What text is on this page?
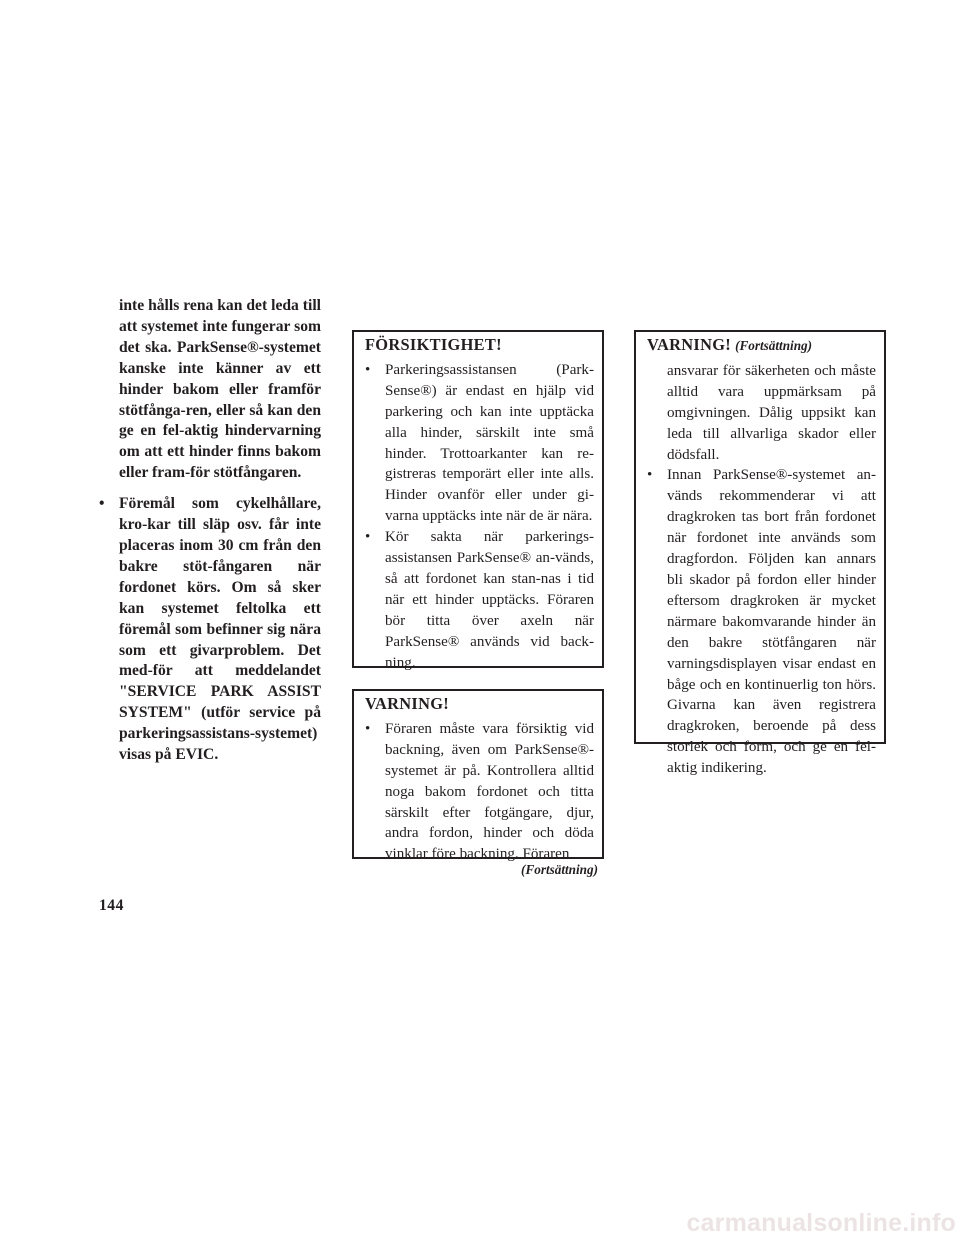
inte hålls rena kan det leda till att systemet inte fungerar som det ska. ParkSense®-systemet kanske inte känner av ett hinder bakom eller framför stötfånga-ren, eller så kan den ge en fel-aktig hindervarning om att ett hinder finns bakom eller fram-för stötfångaren.

• Föremål som cykelhållare, kro-kar till släp osv. får inte placeras inom 30 cm från den bakre stöt-fångaren när fordonet körs. Om så sker kan systemet feltolka ett föremål som befinner sig nära som ett givarproblem. Det med-för att meddelandet "SERVICE PARK ASSIST SYSTEM" (utför service på parkeringsassistans-systemet) visas på EVIC.
FÖRSIKTIGHET!
• Parkeringsassistansen (Park-Sense®) är endast en hjälp vid parkering och kan inte upptäcka alla hinder, särskilt inte små hinder. Trottoarkanter kan re-gistreras temporärt eller inte alls. Hinder ovanför eller under gi-varna upptäcks inte när de är nära.
• Kör sakta när parkerings-assistansen ParkSense® an-vänds, så att fordonet kan stan-nas i tid när ett hinder upptäcks. Föraren bör titta över axeln när ParkSense® används vid back-ning.
VARNING!
• Föraren måste vara försiktig vid backning, även om ParkSense®-systemet är på. Kontrollera alltid noga bakom fordonet och titta särskilt efter fotgängare, djur, andra fordon, hinder och döda vinklar före backning. Föraren
(Fortsättning)
VARNING! (Fortsättning)

ansvarar för säkerheten och måste alltid vara uppmärksam på omgivningen. Dålig uppsikt kan leda till allvarliga skador eller dödsfall.

• Innan ParkSense®-systemet an-vänds rekommenderar vi att dragkroken tas bort från fordonet när fordonet inte används som dragfordon. Följden kan annars bli skador på fordon eller hinder eftersom dragkroken är mycket närmare bakomvarande hinder än den bakre stötfångaren när varningsdisplayen visar endast en båge och en kontinuerlig ton hörs. Givarna kan även registrera dragkroken, beroende på dess storlek och form, och ge en fel-aktig indikering.
144
carmanualsonline.info
